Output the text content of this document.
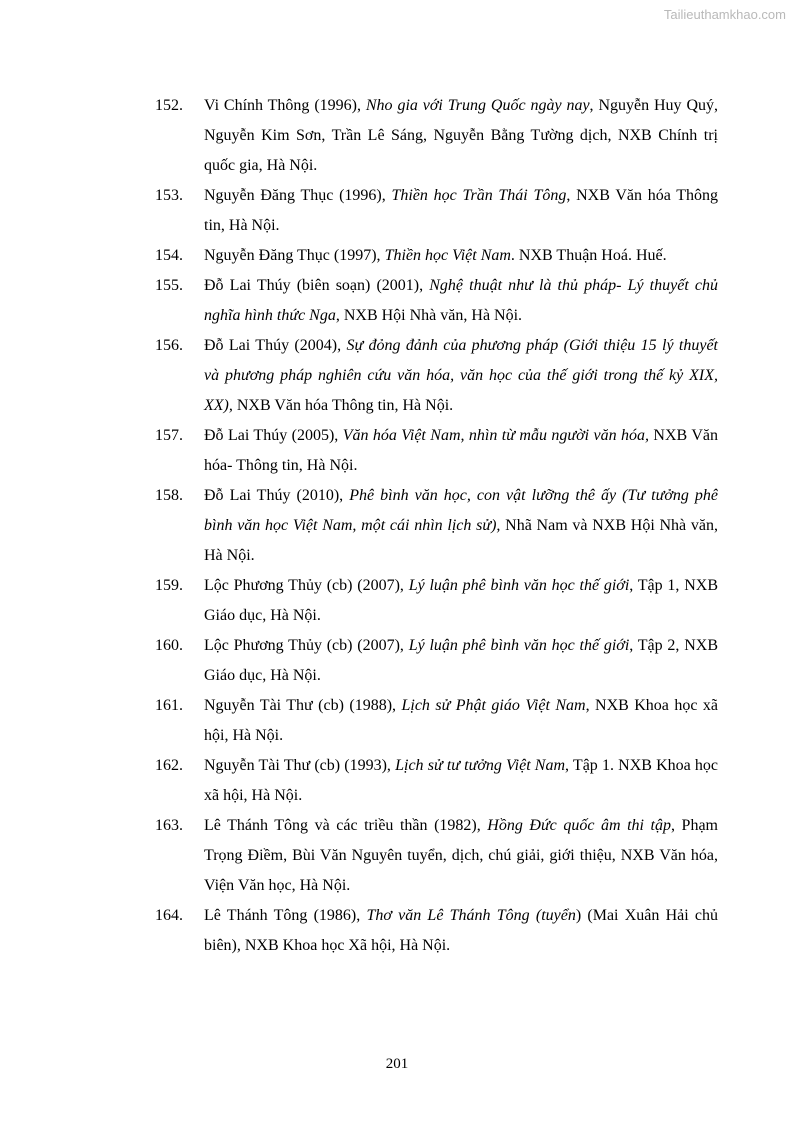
Tailieuthamkhao.com
152. Vi Chính Thông (1996), Nho gia với Trung Quốc ngày nay, Nguyễn Huy Quý, Nguyễn Kim Sơn, Trần Lê Sáng, Nguyễn Bằng Tường dịch, NXB Chính trị quốc gia, Hà Nội.
153. Nguyễn Đăng Thục (1996), Thiền học Trần Thái Tông, NXB Văn hóa Thông tin, Hà Nội.
154. Nguyễn Đăng Thục (1997), Thiền học Việt Nam. NXB Thuận Hoá. Huế.
155. Đỗ Lai Thúy (biên soạn) (2001), Nghệ thuật như là thủ pháp- Lý thuyết chủ nghĩa hình thức Nga, NXB Hội Nhà văn, Hà Nội.
156. Đỗ Lai Thúy (2004), Sự đỏng đảnh của phương pháp (Giới thiệu 15 lý thuyết và phương pháp nghiên cứu văn hóa, văn học của thế giới trong thế kỷ XIX, XX), NXB Văn hóa Thông tin, Hà Nội.
157. Đỗ Lai Thúy (2005), Văn hóa Việt Nam, nhìn từ mẫu người văn hóa, NXB Văn hóa- Thông tin, Hà Nội.
158. Đỗ Lai Thúy (2010), Phê bình văn học, con vật lưỡng thê ấy (Tư tưởng phê bình văn học Việt Nam, một cái nhìn lịch sử), Nhã Nam và NXB Hội Nhà văn, Hà Nội.
159. Lộc Phương Thủy (cb) (2007), Lý luận phê bình văn học thế giới, Tập 1, NXB Giáo dục, Hà Nội.
160. Lộc Phương Thủy (cb) (2007), Lý luận phê bình văn học thế giới, Tập 2, NXB Giáo dục, Hà Nội.
161. Nguyễn Tài Thư (cb) (1988), Lịch sử Phật giáo Việt Nam, NXB Khoa học xã hội, Hà Nội.
162. Nguyễn Tài Thư (cb) (1993), Lịch sử tư tưởng Việt Nam, Tập 1. NXB Khoa học xã hội, Hà Nội.
163. Lê Thánh Tông và các triều thần (1982), Hồng Đức quốc âm thi tập, Phạm Trọng Điềm, Bùi Văn Nguyên tuyển, dịch, chú giải, giới thiệu, NXB Văn hóa, Viện Văn học, Hà Nội.
164. Lê Thánh Tông (1986), Thơ văn Lê Thánh Tông (tuyển) (Mai Xuân Hải chủ biên), NXB Khoa học Xã hội, Hà Nội.
201
